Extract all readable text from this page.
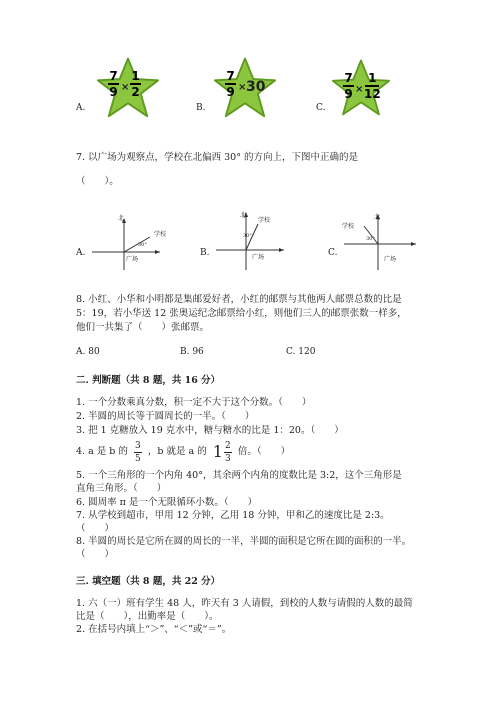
A.
7
9 ×
1
2
B.
7
9 × 30
C.
7
9 ×
1
12
7. 以广场为观察点，学校在北偏西 30° 的方向上，下图中正确的是
（　　）。
A.
北
学校
广场
30°
B.
北
学校
广场
30°
C.
北
学校
广场
30°
8. 小红、小华和小明都是集邮爱好者，小红的邮票与其他两人邮票总数的比是
5：19，若小华送 12 张奥运纪念邮票给小红，则他们三人的邮票张数一样多，
他们一共集了（　　）张邮票。
A. 80	B. 96	C. 120
二. 判断题（共 8 题，共 16 分）
1. 一个分数乘真分数，积一定不大于这个分数。（　　）
2. 半圆的周长等于圆周长的一半。（　　）
3. 把 1 克糖放入 19 克水中，糖与糖水的比是 1：20。（　　）
4. a 是 b 的 $\frac{3}{5}$ ，b 就是 a 的 $1 \frac{2}{3}$ 倍。（　　）
5. 一个三角形的一个内角 40°，其余两个内角的度数比是 3:2，这个三角形是
直角三角形。（　　）
6. 圆周率 π 是一个无限循环小数。（　　）
7. 从学校到超市，甲用 12 分钟，乙用 18 分钟，甲和乙的速度比是 2:3。
（　　）
8. 半圆的周长是它所在圆的周长的一半，半圆的面积是它所在圆的面积的一半。
（　　）
三. 填空题（共 8 题，共 22 分）
1. 六（一）班有学生 48 人，昨天有 3 人请假，到校的人数与请假的人数的最简
比是（　　），出勤率是（　　）。
2. 在括号内填上“＞”、“＜”或“＝”。
